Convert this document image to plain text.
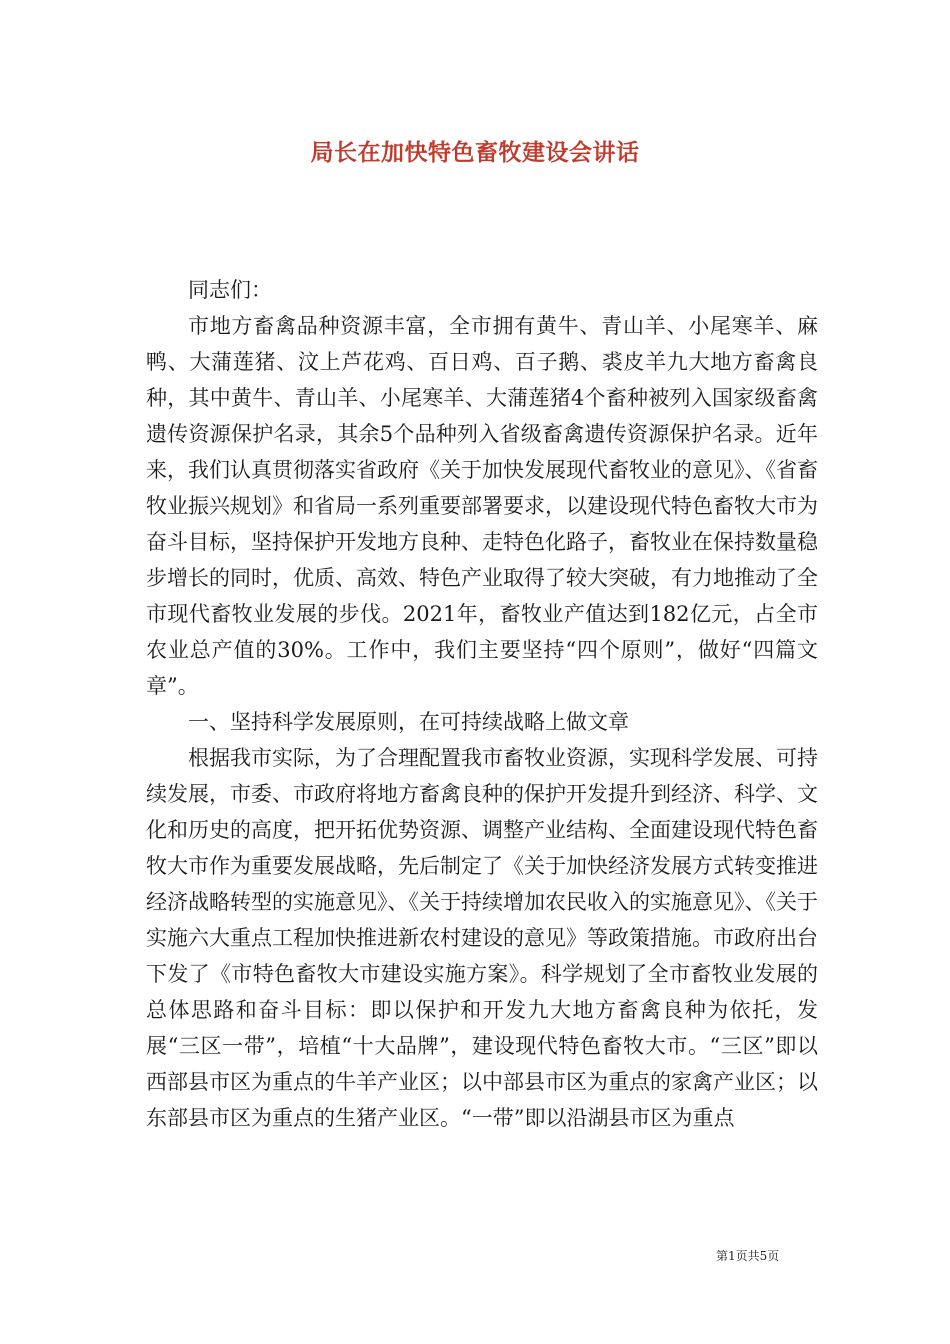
局长在加快特色畜牧建设会讲话

同志们：

市地方畜禽品种资源丰富，全市拥有黄牛、青山羊、小尾寒羊、麻鸭、大蒲莲猪、汶上芦花鸡、百日鸡、百子鹅、裘皮羊九大地方畜禽良种，其中黄牛、青山羊、小尾寒羊、大蒲莲猪4个畜种被列入国家级畜禽遗传资源保护名录，其余5个品种列入省级畜禽遗传资源保护名录。近年来，我们认真贯彻落实省政府《关于加快发展现代畜牧业的意见》、《省畜牧业振兴规划》和省局一系列重要部署要求，以建设现代特色畜牧大市为奋斗目标，坚持保护开发地方良种、走特色化路子，畜牧业在保持数量稳步增长的同时，优质、高效、特色产业取得了较大突破，有力地推动了全市现代畜牧业发展的步伐。2021年，畜牧业产值达到182亿元，占全市农业总产值的30%。工作中，我们主要坚持“四个原则”，做好“四篇文章”。

一、坚持科学发展原则，在可持续战略上做文章

根据我市实际，为了合理配置我市畜牧业资源，实现科学发展、可持续发展，市委、市政府将地方畜禽良种的保护开发提升到经济、科学、文化和历史的高度，把开拓优势资源、调整产业结构、全面建设现代特色畜牧大市作为重要发展战略，先后制定了《关于加快经济发展方式转变推进经济战略转型的实施意见》、《关于持续增加农民收入的实施意见》、《关于实施六大重点工程加快推进新农村建设的意见》等政策措施。市政府出台下发了《市特色畜牧大市建设实施方案》。科学规划了全市畜牧业发展的总体思路和奋斗目标：即以保护和开发九大地方畜禽良种为依托，发展“三区一带”，培植“十大品牌”，建设现代特色畜牧大市。“三区”即以西部县市区为重点的牛羊产业区；以中部县市区为重点的家禽产业区；以东部县市区为重点的生猪产业区。“一带”即以沿湖县市区为重点

第1页共5页
